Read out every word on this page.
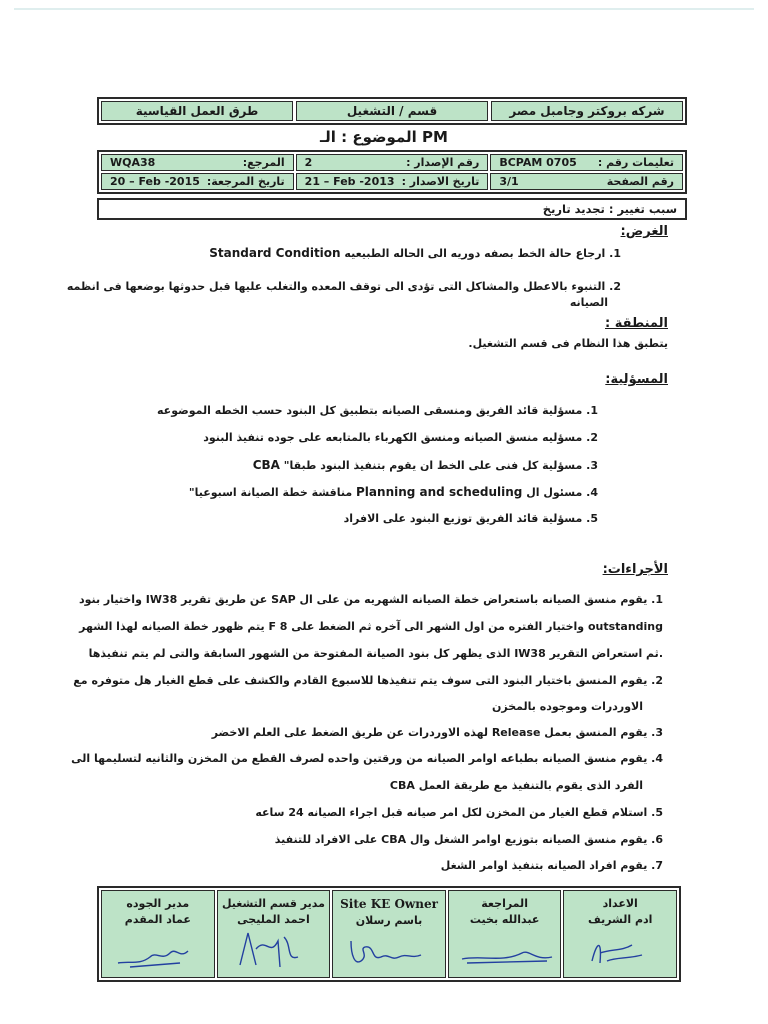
شركه بروكتر وجامبل مصر
قسم / التشغيل
طرق العمل القياسية
الموضوع : الـ PM
تعليمات رقم :
BCPAM 0705
رقم الإصدار :
2
المرجع:
WQA38
رقم الصفحة
3/1
تاريخ الاصدار :
21 – Feb -2013
تاريخ المرجعة:
20 – Feb -2015
سبب تغيير : تجديد تاريخ
الغرض:
1. ارجاع حالة الخط بصفه دوريه الى الحاله الطبيعيه Standard Condition
2. التنبوء بالاعطل والمشاكل التى تؤدى الى توقف المعده والتغلب عليها قبل حدوثها بوضعها فى انظمه
الصيانه
المنطقة :
يتطبق هذا النظام فى قسم التشغيل.
المسؤلية:
1. مسؤلية قائد الفريق ومنسقى الصيانه بتطبيق كل البنود حسب الخطه الموضوعه
2. مسؤليه منسق الصيانه ومنسق الكهرباء بالمتابعه على جوده تنفيذ البنود
3. مسؤلية كل فنى على الخط ان يقوم بتنفيذ البنود طبقا" CBA
4. مسئول ال Planning and scheduling مناقشة خطة الصيانة اسبوعيا"
5. مسؤلية قائد الفريق توزيع البنود على الافراد
الأجراءات:
1. يقوم منسق الصيانه باستعراض خطة الصيانه الشهريه من على ال SAP عن طريق تقرير IW38 واختيار بنود
outstanding واختيار الفتره من اول الشهر الى آخره ثم الضغط على F 8 يتم ظهور خطة الصيانه لهذا الشهر
.ثم استعراض التقرير IW38 الذى يظهر كل بنود الصيانة المفتوحة من الشهور السابقة والتى لم يتم تنفيذها
2. يقوم المنسق باختيار البنود التى سوف يتم تنفيذها للاسبوع القادم والكشف على قطع الغيار هل متوفره مع
الاوردرات وموجوده بالمخزن
3. يقوم المنسق بعمل Release لهذه الاوردرات عن طريق الضغط على العلم الاخضر
4. يقوم منسق الصيانه بطباعه اوامر الصيانه من ورقتين واحده لصرف القطع من المخزن والثانيه لتسليمها الى
الفرد الذى يقوم بالتنفيذ مع طريقة العمل CBA
5. استلام قطع الغيار من المخزن لكل امر صيانه قبل اجراء الصيانه 24 ساعه
6. يقوم منسق الصيانه بتوزيع اوامر الشغل وال CBA على الافراد للتنفيذ
7. يقوم افراد الصيانه بتنفيذ اوامر الشغل
الاعداد
ادم الشريف
المراجعة
عبدالله بخيت
Site KE Owner
باسم رسلان
مدير قسم التشغيل
احمد المليجى
مدير الجوده
عماد المقدم
